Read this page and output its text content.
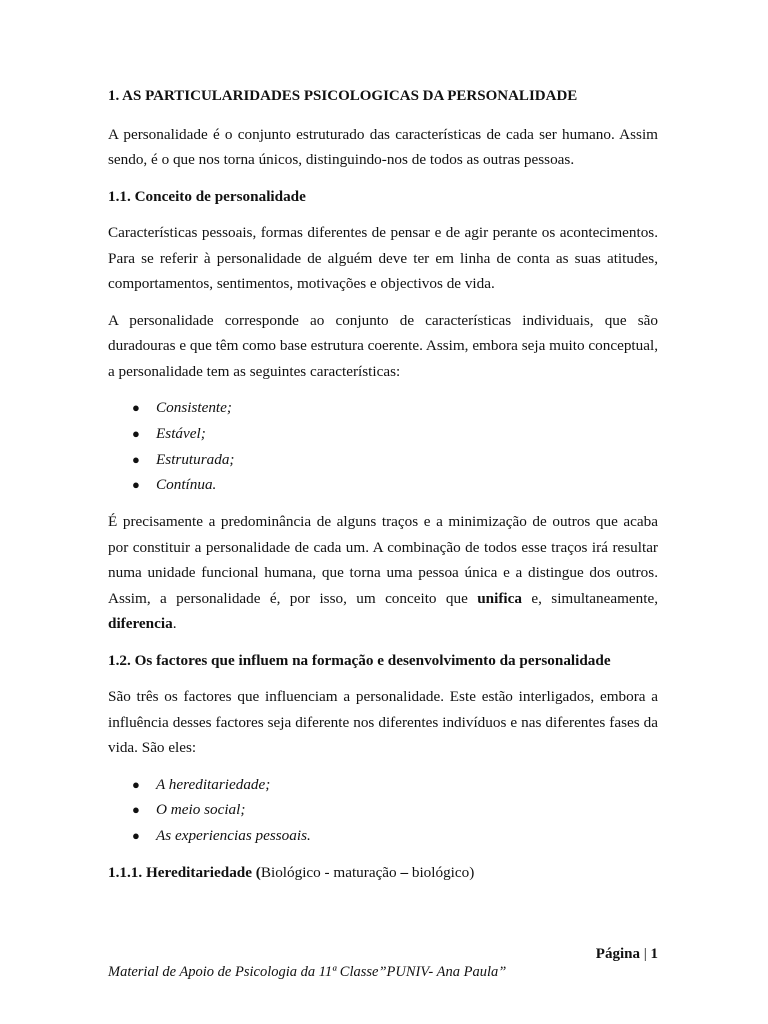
1. AS PARTICULARIDADES PSICOLOGICAS DA PERSONALIDADE

A personalidade é o conjunto estruturado das características de cada ser humano. Assim sendo, é o que nos torna únicos, distinguindo-nos de todos as outras pessoas.

1.1. Conceito de personalidade

Características pessoais, formas diferentes de pensar e de agir perante os acontecimentos. Para se referir à personalidade de alguém deve ter em linha de conta as suas atitudes, comportamentos, sentimentos, motivações e objectivos de vida.

A personalidade corresponde ao conjunto de características individuais, que são duradouras e que têm como base estrutura coerente. Assim, embora seja muito conceptual, a personalidade tem as seguintes características:

● Consistente;
● Estável;
● Estruturada;
● Contínua.

É precisamente a predominância de alguns traços e a minimização de outros que acaba por constituir a personalidade de cada um. A combinação de todos esse traços irá resultar numa unidade funcional humana, que torna uma pessoa única e a distingue dos outros. Assim, a personalidade é, por isso, um conceito que unifica e, simultaneamente, diferencia.

1.2. Os factores que influem na formação e desenvolvimento da personalidade

São três os factores que influenciam a personalidade. Este estão interligados, embora a influência desses factores seja diferente nos diferentes indivíduos e nas diferentes fases da vida. São eles:

● A hereditariedade;
● O meio social;
● As experiencias pessoais.
1.1.1. Hereditariedade (Biológico - maturação – biológico)
Página | 1
Material de Apoio de Psicologia da 11ª Classe”PUNIV- Ana Paula”
